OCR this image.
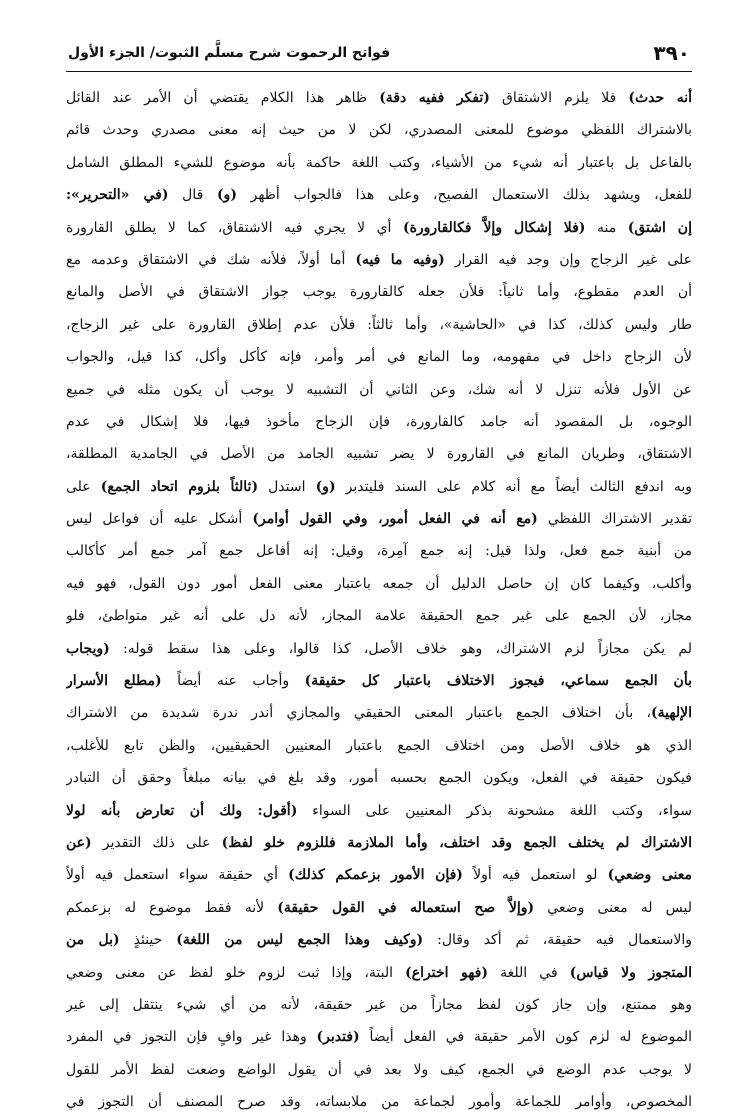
فواتح الرحموت شرح مسلَّم الثبوت/ الجزء الأول	٣٩٠
أنه حدث) فلا يلزم الاشتقاق (تفكر ففيه دقة) ظاهر هذا الكلام يقتضي أن الأمر عند القائل
بالاشتراك اللفظي موضوع للمعنى المصدري، لكن لا من حيث إنه معنى مصدري وحدث قائم
بالفاعل بل باعتبار أنه شيء من الأشياء، وكتب اللغة حاكمة بأنه موضوع للشيء المطلق الشامل
للفعل، ويشهد بذلك الاستعمال الفصيح، وعلى هذا فالجواب أظهر (و) قال (في «التحرير»:
إن اشتق) منه (فلا إشكال وإلاَّ فكالقارورة) أي لا يجري فيه الاشتقاق، كما لا يطلق القارورة
على غير الزجاج وإن وجد فيه القرار (وفيه ما فيه) أما أولاً، فلأنه شك في الاشتقاق وعدمه مع
أن العدم مقطوع، وأما ثانياً: فلأن جعله كالقارورة يوجب جواز الاشتقاق في الأصل والمانع
طار وليس كذلك، كذا في «الحاشية»، وأما ثالثاً: فلأن عدم إطلاق القارورة على غير الزجاج،
لأن الزجاج داخل في مفهومه، وما المانع في أمر وأمر، فإنه كأكل وأكل، كذا قيل، والجواب
عن الأول فلأنه تنزل لا أنه شك، وعن الثاني أن التشبيه لا يوجب أن يكون مثله في جميع
الوجوه، بل المقصود أنه جامد كالقارورة، فإن الزجاج مأخوذ فيها، فلا إشكال في عدم
الاشتقاق، وطريان المانع في القارورة لا يضر تشبيه الجامد من الأصل في الجامدية المطلقة،
وبه اندفع الثالث أيضاً مع أنه كلام على السند فليتدبر (و) استدل (ثالثاً بلزوم اتحاد الجمع) على
تقدير الاشتراك اللفظي (مع أنه في الفعل أمور، وفي القول أوامر) أشكل عليه أن فواعل ليس
من أبنية جمع فعل، ولذا قيل: إنه جمع آمِرة، وقيل: إنه أفاعل جمع آمر جمع أمر كأكالب
وأكلب، وكيفما كان إن حاصل الدليل أن جمعه باعتبار معنى الفعل أمور دون القول، فهو فيه
مجاز، لأن الجمع على غير جمع الحقيقة علامة المجاز، لأنه دل على أنه غير متواطئ، فلو
لم يكن مجازاً لزم الاشتراك، وهو خلاف الأصل، كذا قالوا، وعلى هذا سقط قوله: (ويجاب
بأن الجمع سماعي، فيجوز الاختلاف باعتبار كل حقيقة) وأجاب عنه أيضاً (مطلع الأسرار
الإلهية)، بأن اختلاف الجمع باعتبار المعنى الحقيقي والمجازي أندر ندرة شديدة من الاشتراك
الذي هو خلاف الأصل ومن اختلاف الجمع باعتبار المعنيين الحقيقيين، والظن تابع للأغلب،
فيكون حقيقة في الفعل، ويكون الجمع بحسبه أمور، وقد بلغ في بيانه مبلغاً وحقق أن التبادر
سواء، وكتب اللغة مشحونة بذكر المعنيين على السواء (أقول: ولك أن تعارض بأنه لولا
الاشتراك لم يختلف الجمع وقد اختلف، وأما الملازمة فللزوم خلو لفظ) على ذلك التقدير (عن
معنى وضعي) لو استعمل فيه أولاً (فإن الأمور بزعمكم كذلك) أي حقيقة سواء استعمل فيه أولاً
ليس له معنى وضعي (وإلاَّ صح استعماله في القول حقيقة) لأنه فقط موضوع له بزعمكم
والاستعمال فيه حقيقة، ثم أكد وقال: (وكيف وهذا الجمع ليس من اللغة) حينئذٍ (بل من
المتجوز ولا قياس) في اللغة (فهو اختراع) البتة، وإذا ثبت لزوم خلو لفظ عن معنى وضعي
وهو ممتنع، وإن جاز كون لفظ مجازاً من غير حقيقة، لأنه من أي شيء ينتقل إلى غير
الموضوع له لزم كون الأمر حقيقة في الفعل أيضاً (فتدبر) وهذا غير وافٍ فإن التجوز في المفرد
لا يوجب عدم الوضع في الجمع، كيف ولا بعد في أن يقول الواضع وضعت لفظ الأمر للقول
المخصوص، وأوامر للجماعة وأمور لجماعة من ملابساته، وقد صرح المصنف أن التجوز في
